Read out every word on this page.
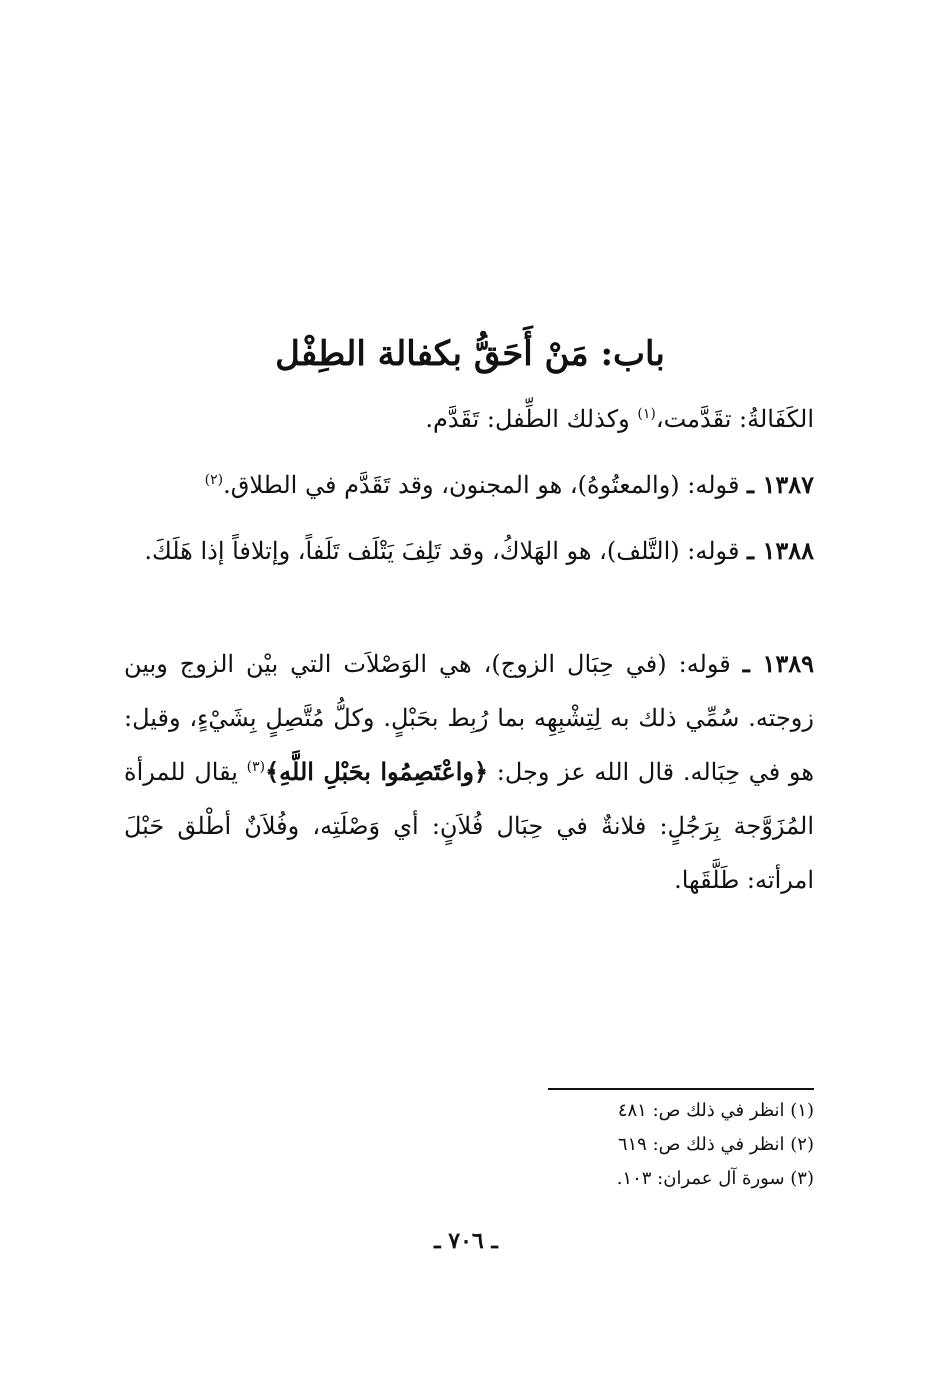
باب: مَنْ أَحَقُّ بكفالة الطِفْل
الكَفَالةُ: تقَدَّمت،$^{(١)}$ وكذلك الطِّفل: تَقَدَّم.
١٣٨٧ ـ قوله: (والمعتُوهُ)، هو المجنون، وقد تَقَدَّم في الطلاق.$^{(٢)}$
١٣٨٨ ـ قوله: (التَّلف)، هو الهَلاكُ، وقد تَلِفَ يَتْلَف تَلَفاً، وإتلافاً إذا هَلَكَ.
١٣٨٩ ـ قوله: (في حِبَال الزوج)، هي الوَصْلاَت التي بيْن الزوج وبين زوجته. سُمِّي ذلك به لِتِشْبِهِه بما رُبِط بحَبْلٍ. وكلُّ مُتَّصِلٍ بِشَيْءٍ، وقيل: هو في حِبَاله. قال الله عز وجل: ﴿واعْتَصِمُوا بحَبْلِ اللَّهِ﴾$^{(٣)}$ يقال للمرأة المُزَوَّجة بِرَجُلٍ: فلانةٌ في حِبَال فُلاَنٍ: أي وَصْلَتِه، وفُلاَنٌ أطْلق حَبْلَ امرأته: طَلَّقَها.
(١) انظر في ذلك ص: ٤٨١
(٢) انظر في ذلك ص: ٦١٩
(٣) سورة آل عمران: ١٠٣.
ـ ٧٠٦ ـ
